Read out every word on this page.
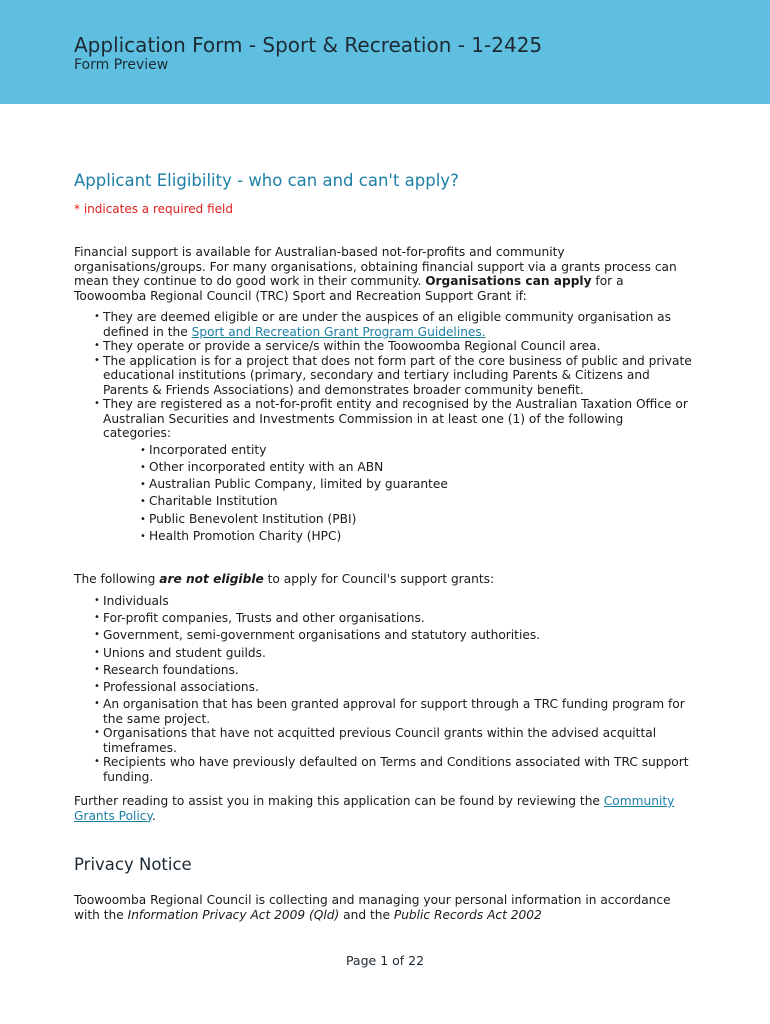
Application Form - Sport & Recreation - 1-2425
Form Preview
Applicant Eligibility - who can and can't apply?
* indicates a required field

Financial support is available for Australian-based not-for-profits and community organisations/groups. For many organisations, obtaining financial support via a grants process can mean they continue to do good work in their community. Organisations can apply for a Toowoomba Regional Council (TRC) Sport and Recreation Support Grant if:

• They are deemed eligible or are under the auspices of an eligible community organisation as defined in the Sport and Recreation Grant Program Guidelines.
• They operate or provide a service/s within the Toowoomba Regional Council area.
• The application is for a project that does not form part of the core business of public and private educational institutions (primary, secondary and tertiary including Parents & Citizens and Parents & Friends Associations) and demonstrates broader community benefit.
• They are registered as a not-for-profit entity and recognised by the Australian Taxation Office or Australian Securities and Investments Commission in at least one (1) of the following categories:
• Incorporated entity
• Other incorporated entity with an ABN
• Australian Public Company, limited by guarantee
• Charitable Institution
• Public Benevolent Institution (PBI)
• Health Promotion Charity (HPC)

The following are not eligible to apply for Council's support grants:

• Individuals
• For-profit companies, Trusts and other organisations.
• Government, semi-government organisations and statutory authorities.
• Unions and student guilds.
• Research foundations.
• Professional associations.
• An organisation that has been granted approval for support through a TRC funding program for the same project.
• Organisations that have not acquitted previous Council grants within the advised acquittal timeframes.
• Recipients who have previously defaulted on Terms and Conditions associated with TRC support funding.

Further reading to assist you in making this application can be found by reviewing the Community Grants Policy.

Privacy Notice

Toowoomba Regional Council is collecting and managing your personal information in accordance with the Information Privacy Act 2009 (Qld) and the Public Records Act 2002

Page 1 of 22
